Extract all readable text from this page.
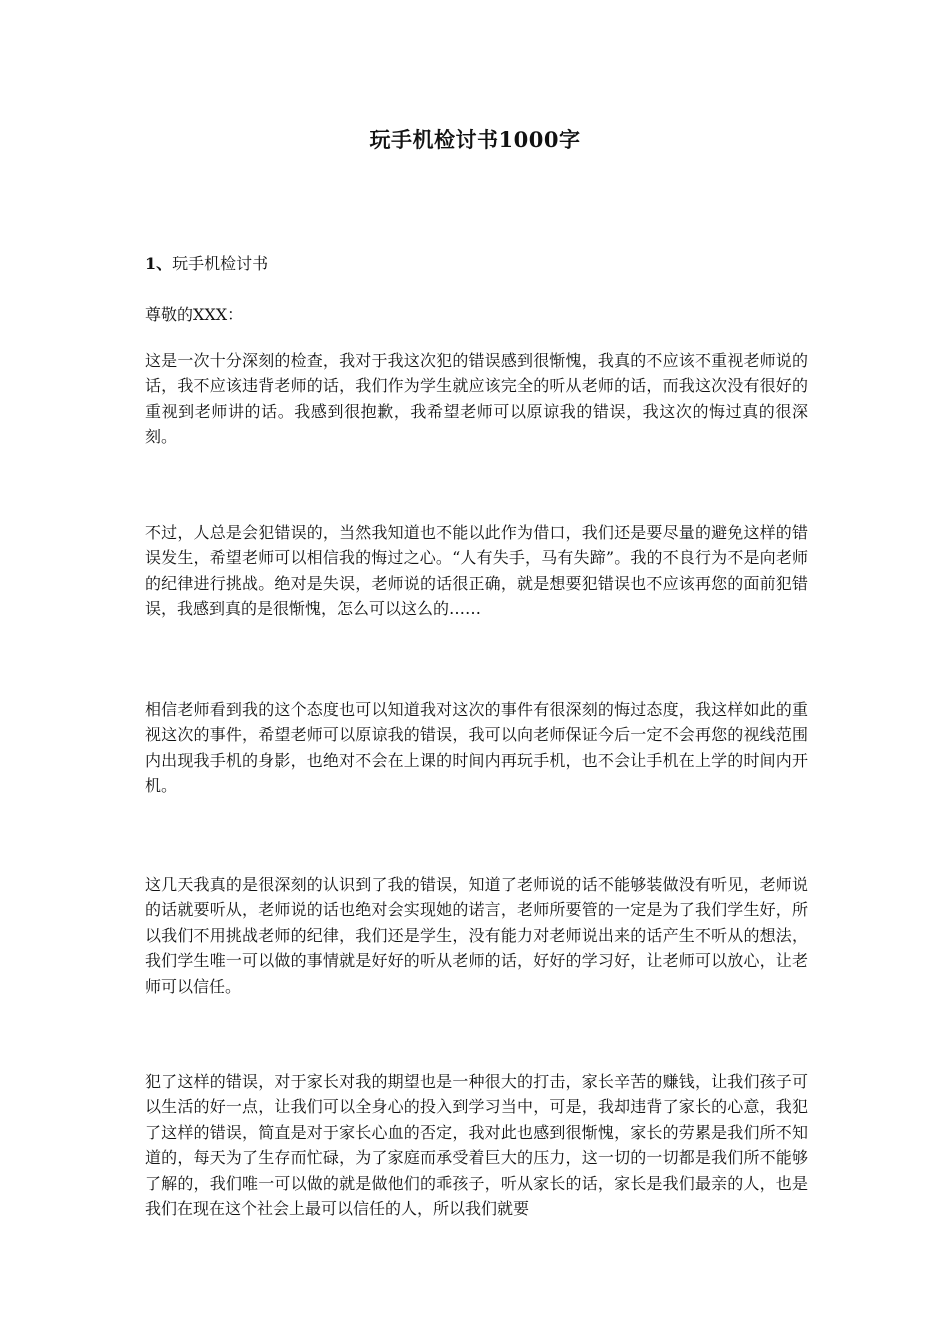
玩手机检讨书1000字

1、玩手机检讨书

尊敬的XXX：

这是一次十分深刻的检查，我对于我这次犯的错误感到很惭愧，我真的不应该不重视老师说的话，我不应该违背老师的话，我们作为学生就应该完全的听从老师的话，而我这次没有很好的重视到老师讲的话。我感到很抱歉，我希望老师可以原谅我的错误，我这次的悔过真的很深刻。

不过，人总是会犯错误的，当然我知道也不能以此作为借口，我们还是要尽量的避免这样的错误发生，希望老师可以相信我的悔过之心。“人有失手，马有失蹄”。我的不良行为不是向老师的纪律进行挑战。绝对是失误，老师说的话很正确，就是想要犯错误也不应该再您的面前犯错误，我感到真的是很惭愧，怎么可以这么的……

相信老师看到我的这个态度也可以知道我对这次的事件有很深刻的悔过态度，我这样如此的重视这次的事件，希望老师可以原谅我的错误，我可以向老师保证今后一定不会再您的视线范围内出现我手机的身影，也绝对不会在上课的时间内再玩手机，也不会让手机在上学的时间内开机。

这几天我真的是很深刻的认识到了我的错误，知道了老师说的话不能够装做没有听见，老师说的话就要听从，老师说的话也绝对会实现她的诺言，老师所要管的一定是为了我们学生好，所以我们不用挑战老师的纪律，我们还是学生，没有能力对老师说出来的话产生不听从的想法，我们学生唯一可以做的事情就是好好的听从老师的话，好好的学习好，让老师可以放心，让老师可以信任。

犯了这样的错误，对于家长对我的期望也是一种很大的打击，家长辛苦的赚钱，让我们孩子可以生活的好一点，让我们可以全身心的投入到学习当中，可是，我却违背了家长的心意，我犯了这样的错误，简直是对于家长心血的否定，我对此也感到很惭愧，家长的劳累是我们所不知道的，每天为了生存而忙碌，为了家庭而承受着巨大的压力，这一切的一切都是我们所不能够了解的，我们唯一可以做的就是做他们的乖孩子，听从家长的话，家长是我们最亲的人，也是我们在现在这个社会上最可以信任的人，所以我们就要
